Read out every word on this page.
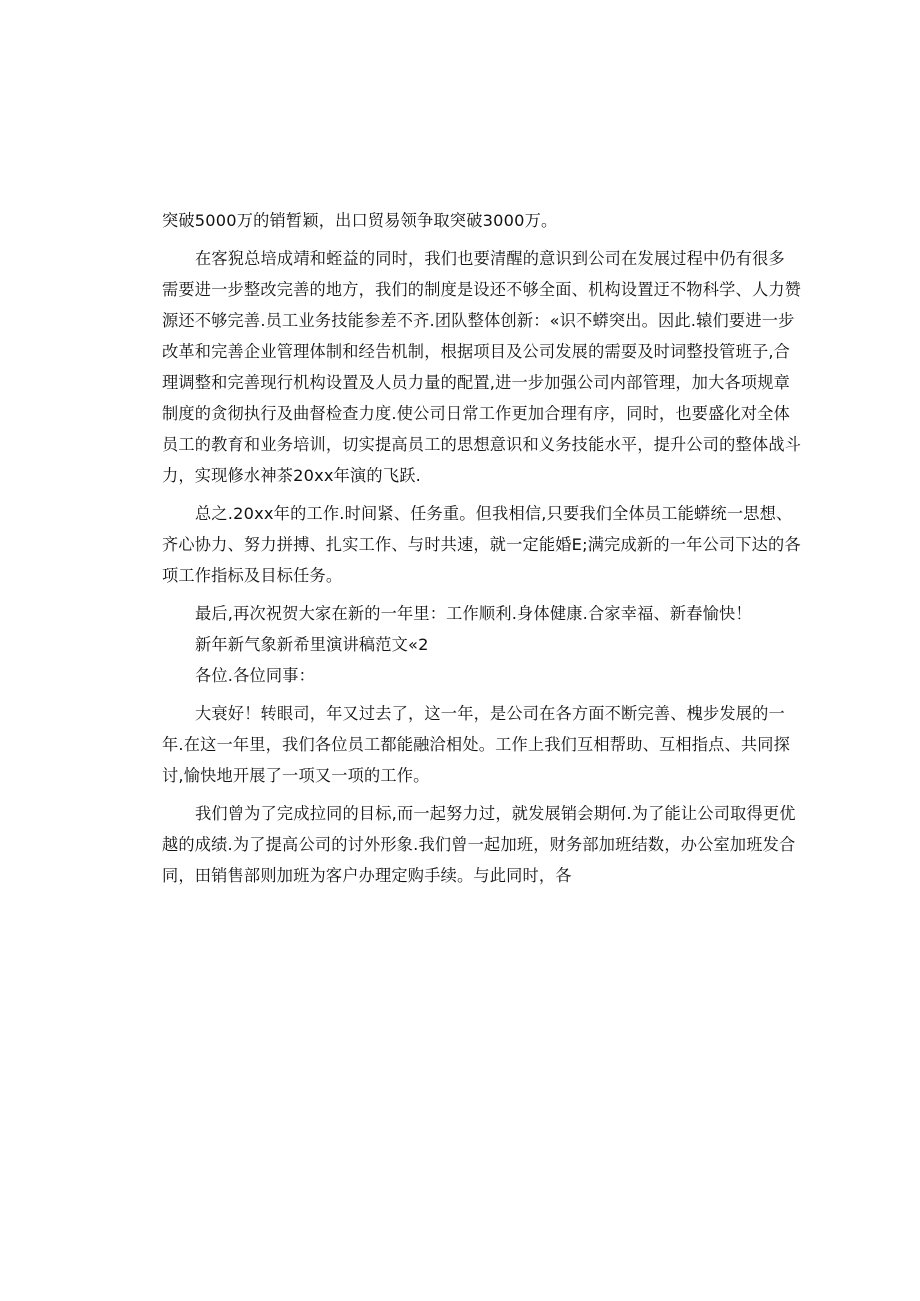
突破5000万的销暂颖，出口贸易领争取突破3000万。
在客猊总培成靖和蛭益的同时，我们也要清醒的意识到公司在发展过程中仍有很多
需要进一步整改完善的地方，我们的制度是设还不够全面、机构设置迂不物科学、人力赞
源还不够完善.员工业务技能参差不齐.团队整体创新：«识不蟒突出。因此.辕们要进一步
改革和完善企业管理体制和经告机制，根据项目及公司发展的需耍及时词整投管班子,合
理调整和完善现行机构设置及人员力量的配置,进一步加强公司内部管理，加大各项规章
制度的贪彻执行及曲督检查力度.使公司日常工作更加合理有序，同时，也要盛化对全体
员工的教育和业务培训，切实提高员工的思想意识和义务技能水平，提升公司的整体战斗
力，实现修水神茶20xx年演的飞跃.
总之.20xx年的工作.时间紧、任务重。但我相信,只要我们全体员工能蟒统一思想、
齐心协力、努力拼搏、扎实工作、与时共速，就一定能婚Ε;满完成新的一年公司下达的各
项工作指标及目标任务。
最后,再次祝贺大家在新的一年里：工作顺利.身体健康.合家幸福、新春愉快！
新年新气象新希里演讲稿范文«2
各位.各位同事：
大衰好！转眼司，年又过去了，这一年，是公司在各方面不断完善、槐步发展的一
年.在这一年里，我们各位员工都能融洽相处。工作上我们互相帮助、互相指点、共同探
讨,愉快地开展了一项又一项的工作。
我们曾为了完成拉同的目标,而一起努力过，就发展销会期何.为了能让公司取得更优
越的成绩.为了提高公司的讨外形象.我们曾一起加班，财务部加班结数，办公室加班发合
同，田销售部则加班为客户办理定购手续。与此同时，各
